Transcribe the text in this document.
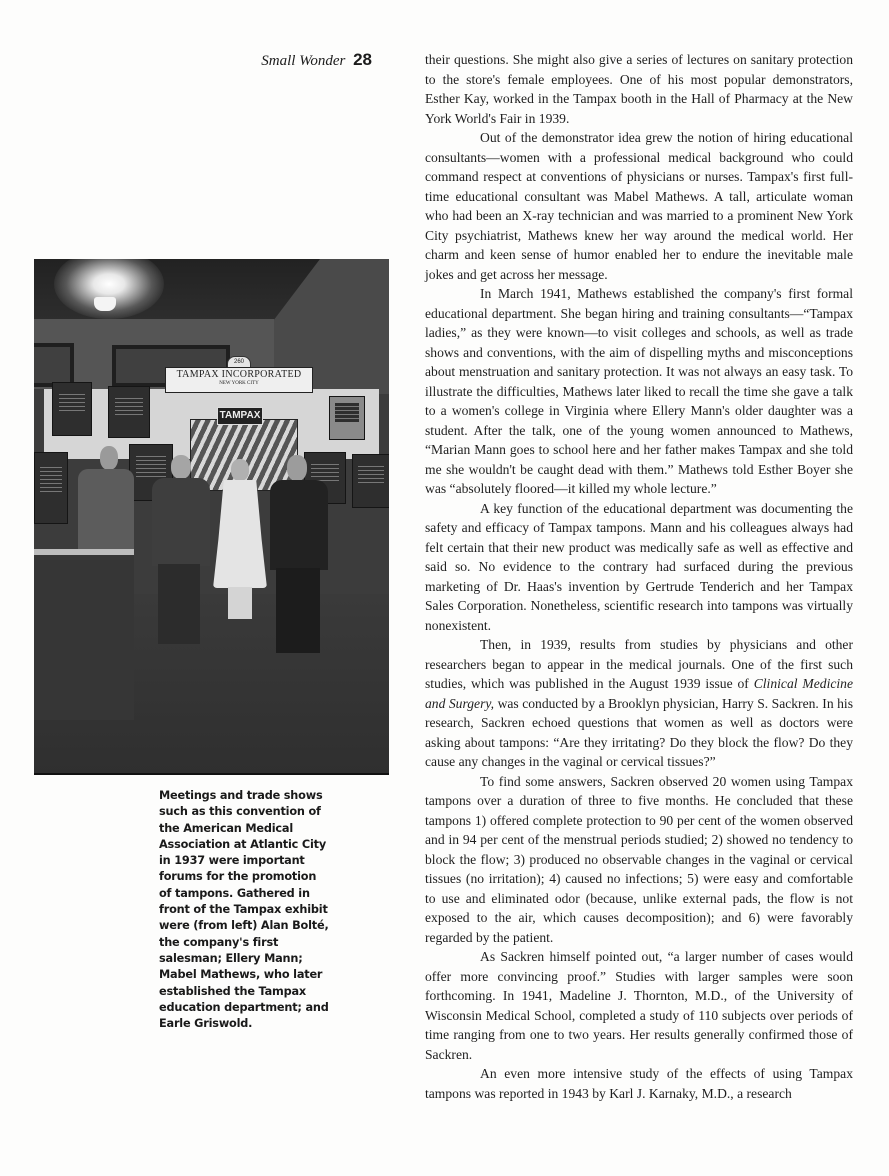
Small Wonder 28
260
TAMPAX INCORPORATED
NEW YORK CITY
TAMPAX
Meetings and trade shows such as this convention of the American Medical Association at Atlantic City in 1937 were important forums for the promotion of tampons. Gathered in front of the Tampax exhibit were (from left) Alan Bolté, the company's first salesman; Ellery Mann; Mabel Mathews, who later established the Tampax education department; and Earle Griswold.

their questions. She might also give a series of lectures on sanitary protection to the store's female employees. One of his most popular demonstrators, Esther Kay, worked in the Tampax booth in the Hall of Pharmacy at the New York World's Fair in 1939.

Out of the demonstrator idea grew the notion of hiring educational consultants—women with a professional medical background who could command respect at conventions of physicians or nurses. Tampax's first full-time educational consultant was Mabel Mathews. A tall, articulate woman who had been an X-ray technician and was married to a prominent New York City psychiatrist, Mathews knew her way around the medical world. Her charm and keen sense of humor enabled her to endure the inevitable male jokes and get across her message.

In March 1941, Mathews established the company's first formal educational department. She began hiring and training consultants—“Tampax ladies,” as they were known—to visit colleges and schools, as well as trade shows and conventions, with the aim of dispelling myths and misconceptions about menstruation and sanitary protection. It was not always an easy task. To illustrate the difficulties, Mathews later liked to recall the time she gave a talk to a women's college in Virginia where Ellery Mann's older daughter was a student. After the talk, one of the young women announced to Mathews, “Marian Mann goes to school here and her father makes Tampax and she told me she wouldn't be caught dead with them.” Mathews told Esther Boyer she was “absolutely floored—it killed my whole lecture.”

A key function of the educational department was documenting the safety and efficacy of Tampax tampons. Mann and his colleagues always had felt certain that their new product was medically safe as well as effective and said so. No evidence to the contrary had surfaced during the previous marketing of Dr. Haas's invention by Gertrude Tenderich and her Tampax Sales Corporation. Nonetheless, scientific research into tampons was virtually nonexistent.

Then, in 1939, results from studies by physicians and other researchers began to appear in the medical journals. One of the first such studies, which was published in the August 1939 issue of Clinical Medicine and Surgery, was conducted by a Brooklyn physician, Harry S. Sackren. In his research, Sackren echoed questions that women as well as doctors were asking about tampons: “Are they irritating? Do they block the flow? Do they cause any changes in the vaginal or cervical tissues?”

To find some answers, Sackren observed 20 women using Tampax tampons over a duration of three to five months. He concluded that these tampons 1) offered complete protection to 90 per cent of the women observed and in 94 per cent of the menstrual periods studied; 2) showed no tendency to block the flow; 3) produced no observable changes in the vaginal or cervical tissues (no irritation); 4) caused no infections; 5) were easy and comfortable to use and eliminated odor (because, unlike external pads, the flow is not exposed to the air, which causes decomposition); and 6) were favorably regarded by the patient.

As Sackren himself pointed out, “a larger number of cases would offer more convincing proof.” Studies with larger samples were soon forthcoming. In 1941, Madeline J. Thornton, M.D., of the University of Wisconsin Medical School, completed a study of 110 subjects over periods of time ranging from one to two years. Her results generally confirmed those of Sackren.

An even more intensive study of the effects of using Tampax tampons was reported in 1943 by Karl J. Karnaky, M.D., a research
